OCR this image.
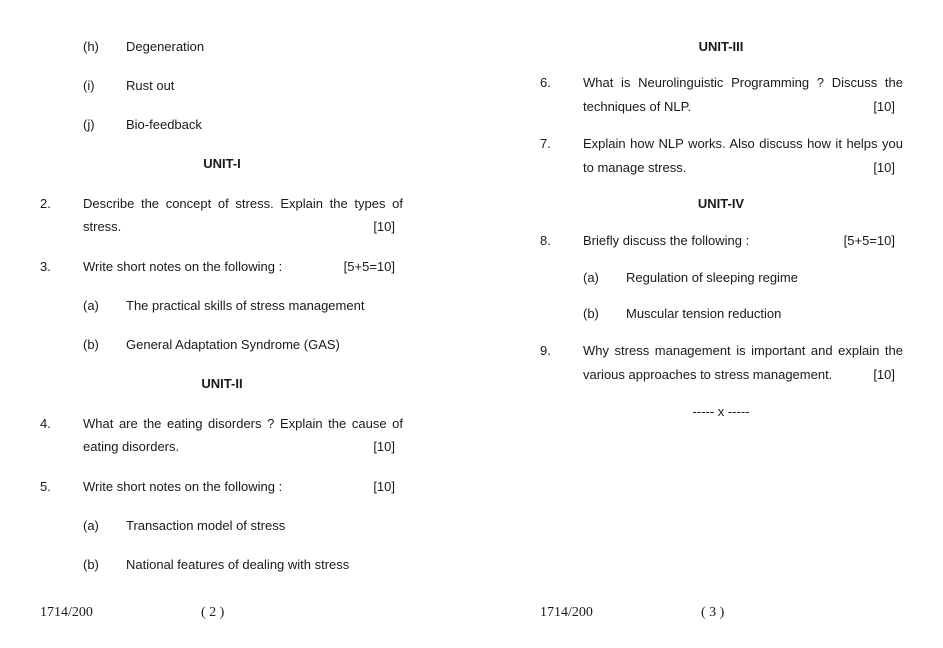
(h) Degeneration
(i) Rust out
(j) Bio-feedback
UNIT-I
2. Describe the concept of stress. Explain the types of
stress.	[10]
3. Write short notes on the following :	[5+5=10]
(a) The practical skills of stress management
(b) General Adaptation Syndrome (GAS)
UNIT-II
4. What are the eating disorders ? Explain the cause of
eating disorders.	[10]
5. Write short notes on the following :	[10]
(a) Transaction model of stress
(b) National features of dealing with stress
1714/200	( 2 )
UNIT-III
6. What is Neurolinguistic Programming ? Discuss the
techniques of NLP.	[10]
7. Explain how NLP works. Also discuss how it helps you
to manage stress.	[10]
UNIT-IV
8. Briefly discuss the following :	[5+5=10]
(a) Regulation of sleeping regime
(b) Muscular tension reduction
9. Why stress management is important and explain the
various approaches to stress management.	[10]
----- x -----
1714/200	( 3 )
